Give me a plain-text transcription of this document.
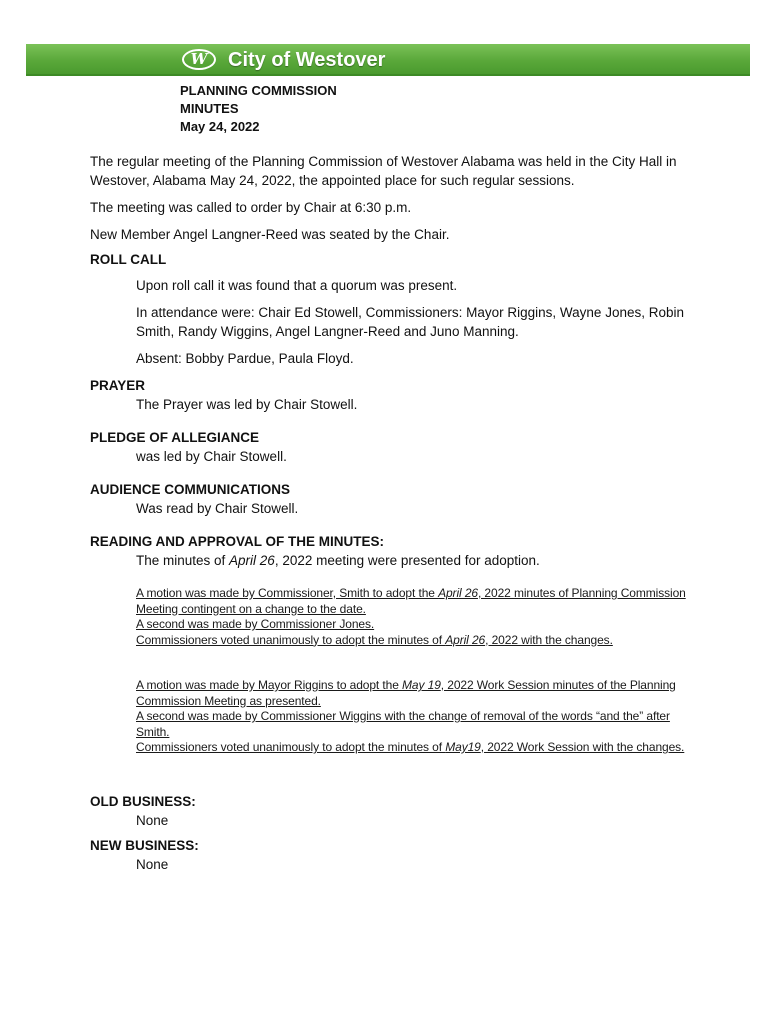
W	City of Westover
PLANNING COMMISSION
MINUTES
May 24, 2022

The regular meeting of the Planning Commission of Westover Alabama was held in the City Hall in Westover, Alabama May 24, 2022, the appointed place for such regular sessions.

The meeting was called to order by Chair at 6:30 p.m.

New Member Angel Langner-Reed was seated by the Chair.

ROLL CALL

Upon roll call it was found that a quorum was present.

In attendance were: Chair Ed Stowell, Commissioners: Mayor Riggins, Wayne Jones, Robin Smith, Randy Wiggins, Angel Langner-Reed and Juno Manning.

Absent: Bobby Pardue, Paula Floyd.

PRAYER

The Prayer was led by Chair Stowell.

PLEDGE OF ALLEGIANCE

was led by Chair Stowell.

AUDIENCE COMMUNICATIONS

Was read by Chair Stowell.

READING AND APPROVAL OF THE MINUTES:

The minutes of April 26, 2022 meeting were presented for adoption.

A motion was made by Commissioner, Smith to adopt the April 26, 2022 minutes of Planning Commission Meeting contingent on a change to the date.
A second was made by Commissioner Jones.
Commissioners voted unanimously to adopt the minutes of April 26, 2022 with the changes.
A motion was made by Mayor Riggins to adopt the May 19, 2022 Work Session minutes of the Planning Commission Meeting as presented.
A second was made by Commissioner Wiggins with the change of removal of the words “and the” after Smith.
Commissioners voted unanimously to adopt the minutes of May19, 2022 Work Session with the changes.

OLD BUSINESS:

None

NEW BUSINESS:

None
